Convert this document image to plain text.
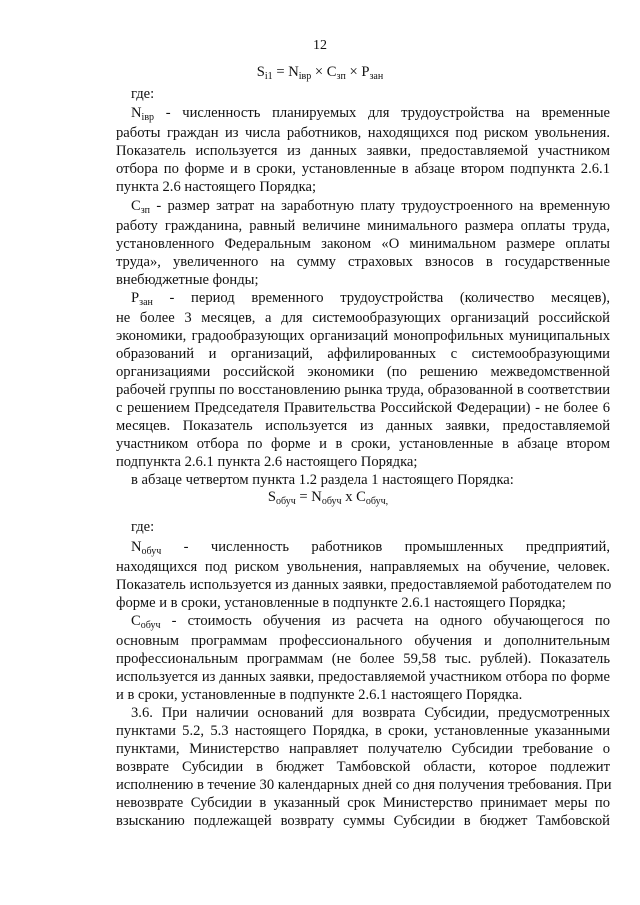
12
$S_{i1} = N_{iвр} \times C_{зп} \times P_{зан}$
где:
$N_{iвр}$ - численность планируемых для трудоустройства на временные
работы граждан из числа работников, находящихся под риском увольнения.
Показатель используется из данных заявки, предоставляемой участником
отбора по форме и в сроки, установленные в абзаце втором подпункта 2.6.1
пункта 2.6 настоящего Порядка;
$C_{зп}$ - размер затрат на заработную плату трудоустроенного на временную
работу гражданина, равный величине минимального размера оплаты труда,
установленного Федеральным законом «О минимальном размере оплаты
труда», увеличенного на сумму страховых взносов в государственные
внебюджетные фонды;
$P_{зан}$ - период временного трудоустройства (количество месяцев),
не более 3 месяцев, а для системообразующих организаций российской
экономики, градообразующих организаций монопрофильных муниципальных
образований и организаций, аффилированных с системообразующими
организациями российской экономики (по решению межведомственной
рабочей группы по восстановлению рынка труда, образованной в соответствии
с решением Председателя Правительства Российской Федерации) - не более 6
месяцев. Показатель используется из данных заявки, предоставляемой
участником отбора по форме и в сроки, установленные в абзаце втором
подпункта 2.6.1 пункта 2.6 настоящего Порядка;
в абзаце четвертом пункта 1.2 раздела 1 настоящего Порядка:
$S_{обуч} = N_{обуч}$ x $C_{обуч,}$
где:
$N_{обуч}$ - численность работников промышленных предприятий,
находящихся под риском увольнения, направляемых на обучение, человек.
Показатель используется из данных заявки, предоставляемой работодателем по
форме и в сроки, установленные в подпункте 2.6.1 настоящего Порядка;
$C_{обуч}$ - стоимость обучения из расчета на одного обучающегося по
основным программам профессионального обучения и дополнительным
профессиональным программам (не более 59,58 тыс. рублей). Показатель
используется из данных заявки, предоставляемой участником отбора по форме
и в сроки, установленные в подпункте 2.6.1 настоящего Порядка.
3.6. При наличии оснований для возврата Субсидии, предусмотренных
пунктами 5.2, 5.3 настоящего Порядка, в сроки, установленные указанными
пунктами, Министерство направляет получателю Субсидии требование о
возврате Субсидии в бюджет Тамбовской области, которое подлежит
исполнению в течение 30 календарных дней со дня получения требования. При
невозврате Субсидии в указанный срок Министерство принимает меры по
взысканию подлежащей возврату суммы Субсидии в бюджет Тамбовской
